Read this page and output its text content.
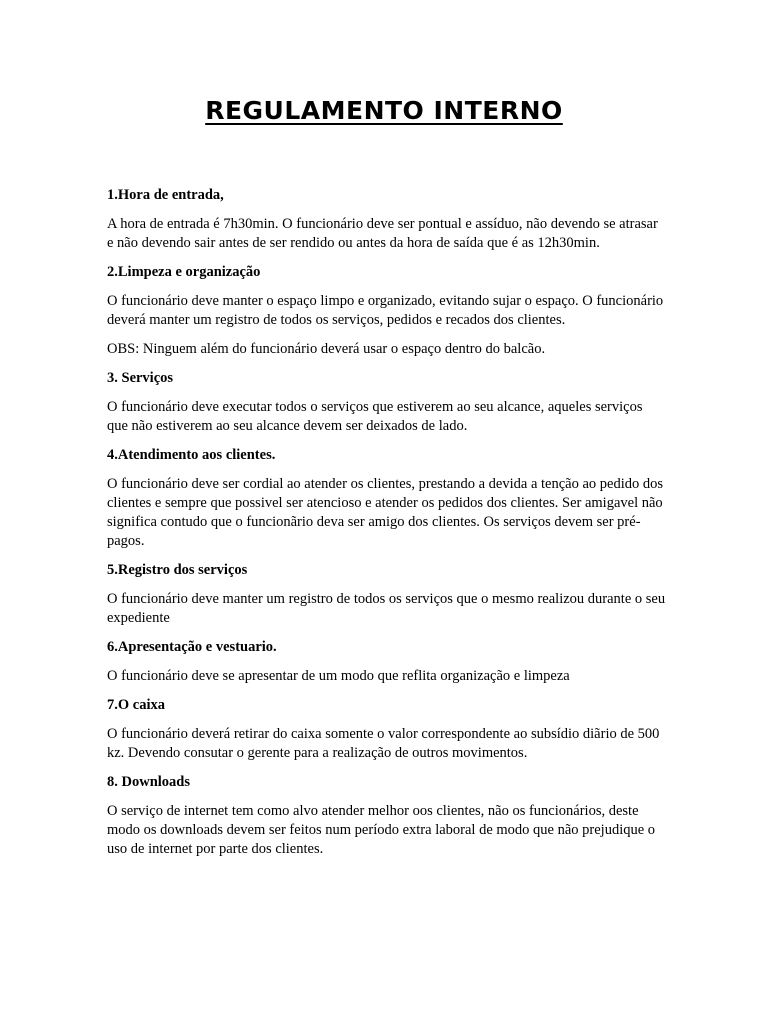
REGULAMENTO INTERNO

1.Hora de entrada,

A hora de entrada é 7h30min. O funcionário deve ser pontual e assíduo, não devendo se atrasar e não devendo sair antes de ser rendido ou antes da hora de saída que é as 12h30min.

2.Limpeza e organização

O funcionário deve manter o espaço limpo e organizado, evitando sujar o espaço. O funcionário deverá manter um registro de todos os serviços, pedidos e recados dos clientes.

OBS: Ninguem além do funcionário deverá usar o espaço dentro do balcão.

3. Serviços

O funcionário deve executar todos o serviços que estiverem ao seu alcance, aqueles serviços que não estiverem ao seu alcance devem ser deixados de lado.

4.Atendimento aos clientes.

O funcionário deve ser cordial ao atender os clientes, prestando a devida a tenção ao pedido dos clientes e sempre que possivel ser atencioso e atender os pedidos dos clientes. Ser amigavel não significa contudo que o funcionãrio deva ser amigo dos clientes. Os serviços devem ser pré-pagos.

5.Registro dos serviços

O funcionário deve manter um registro de todos os serviços que o mesmo realizou durante o seu expediente

6.Apresentação e vestuario.

O funcionário deve se apresentar de um modo que reflita organização e limpeza

7.O caixa

O funcionário deverá retirar do caixa somente o valor correspondente ao subsídio diãrio de 500 kz. Devendo consutar o gerente para a realização de outros movimentos.

8. Downloads

O serviço de internet tem como alvo atender melhor oos clientes, não os funcionários, deste modo os downloads devem ser feitos num período extra laboral de modo que não prejudique o uso de internet por parte dos clientes.
